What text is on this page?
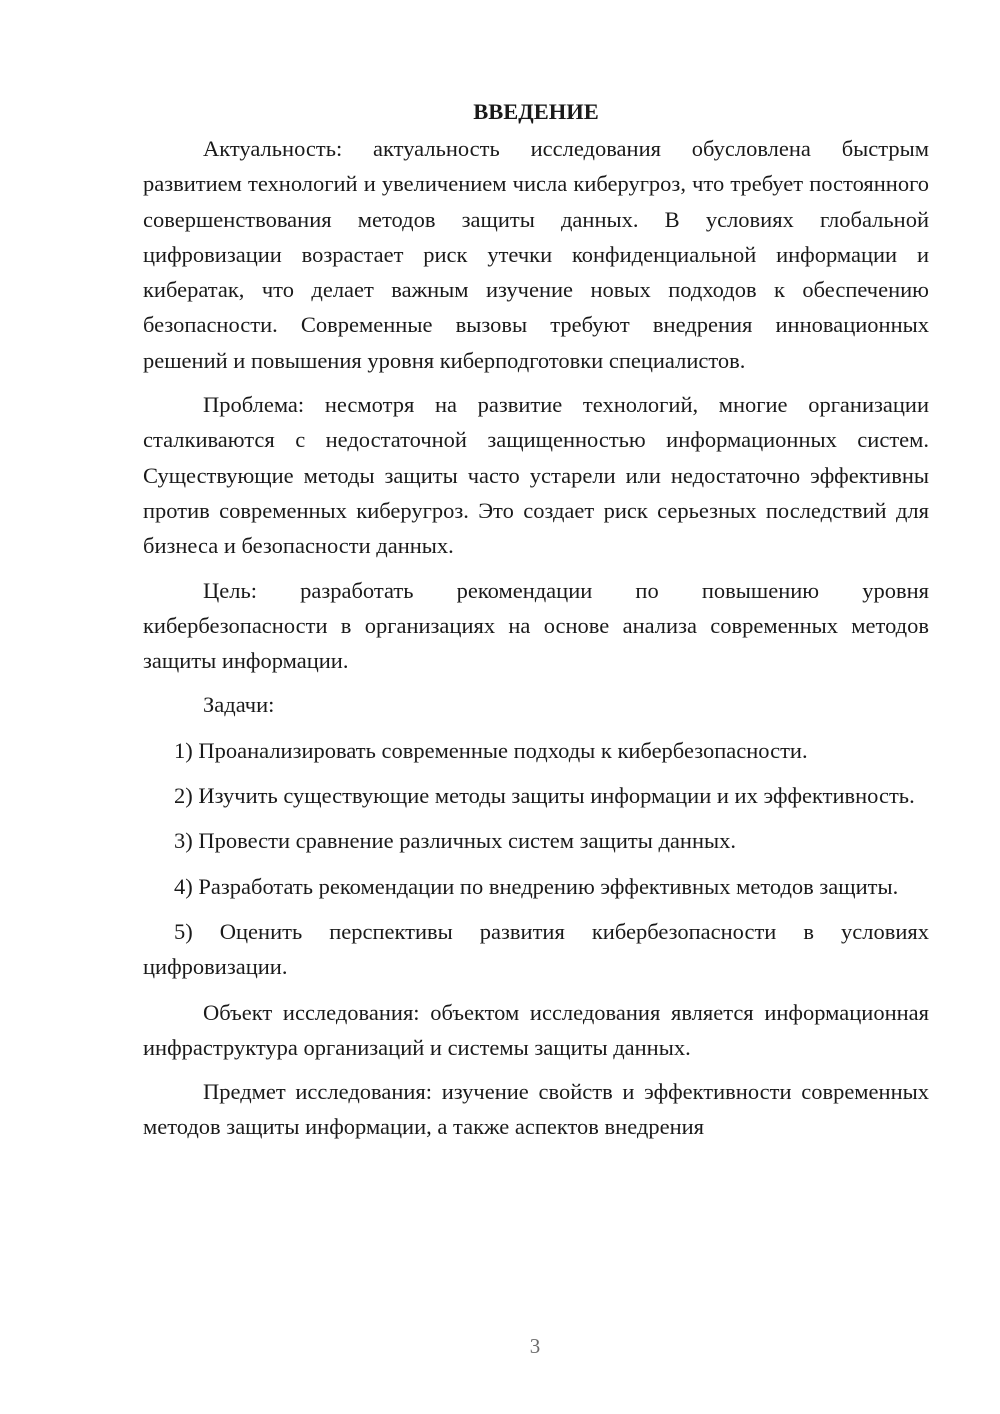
ВВЕДЕНИЕ

Актуальность: актуальность исследования обусловлена быстрым развитием технологий и увеличением числа киберугроз, что требует постоянного совершенствования методов защиты данных. В условиях глобальной цифровизации возрастает риск утечки конфиденциальной информации и кибератак, что делает важным изучение новых подходов к обеспечению безопасности. Современные вызовы требуют внедрения инновационных решений и повышения уровня киберподготовки специалистов.

Проблема: несмотря на развитие технологий, многие организации сталкиваются с недостаточной защищенностью информационных систем. Существующие методы защиты часто устарели или недостаточно эффективны против современных киберугроз. Это создает риск серьезных последствий для бизнеса и безопасности данных.

Цель: разработать рекомендации по повышению уровня кибербезопасности в организациях на основе анализа современных методов защиты информации.

Задачи:

1) Проанализировать современные подходы к кибербезопасности.

2) Изучить существующие методы защиты информации и их эффективность.

3) Провести сравнение различных систем защиты данных.

4) Разработать рекомендации по внедрению эффективных методов защиты.

5) Оценить перспективы развития кибербезопасности в условиях цифровизации.

Объект исследования: объектом исследования является информационная инфраструктура организаций и системы защиты данных.

Предмет исследования: изучение свойств и эффективности современных методов защиты информации, а также аспектов внедрения

3
